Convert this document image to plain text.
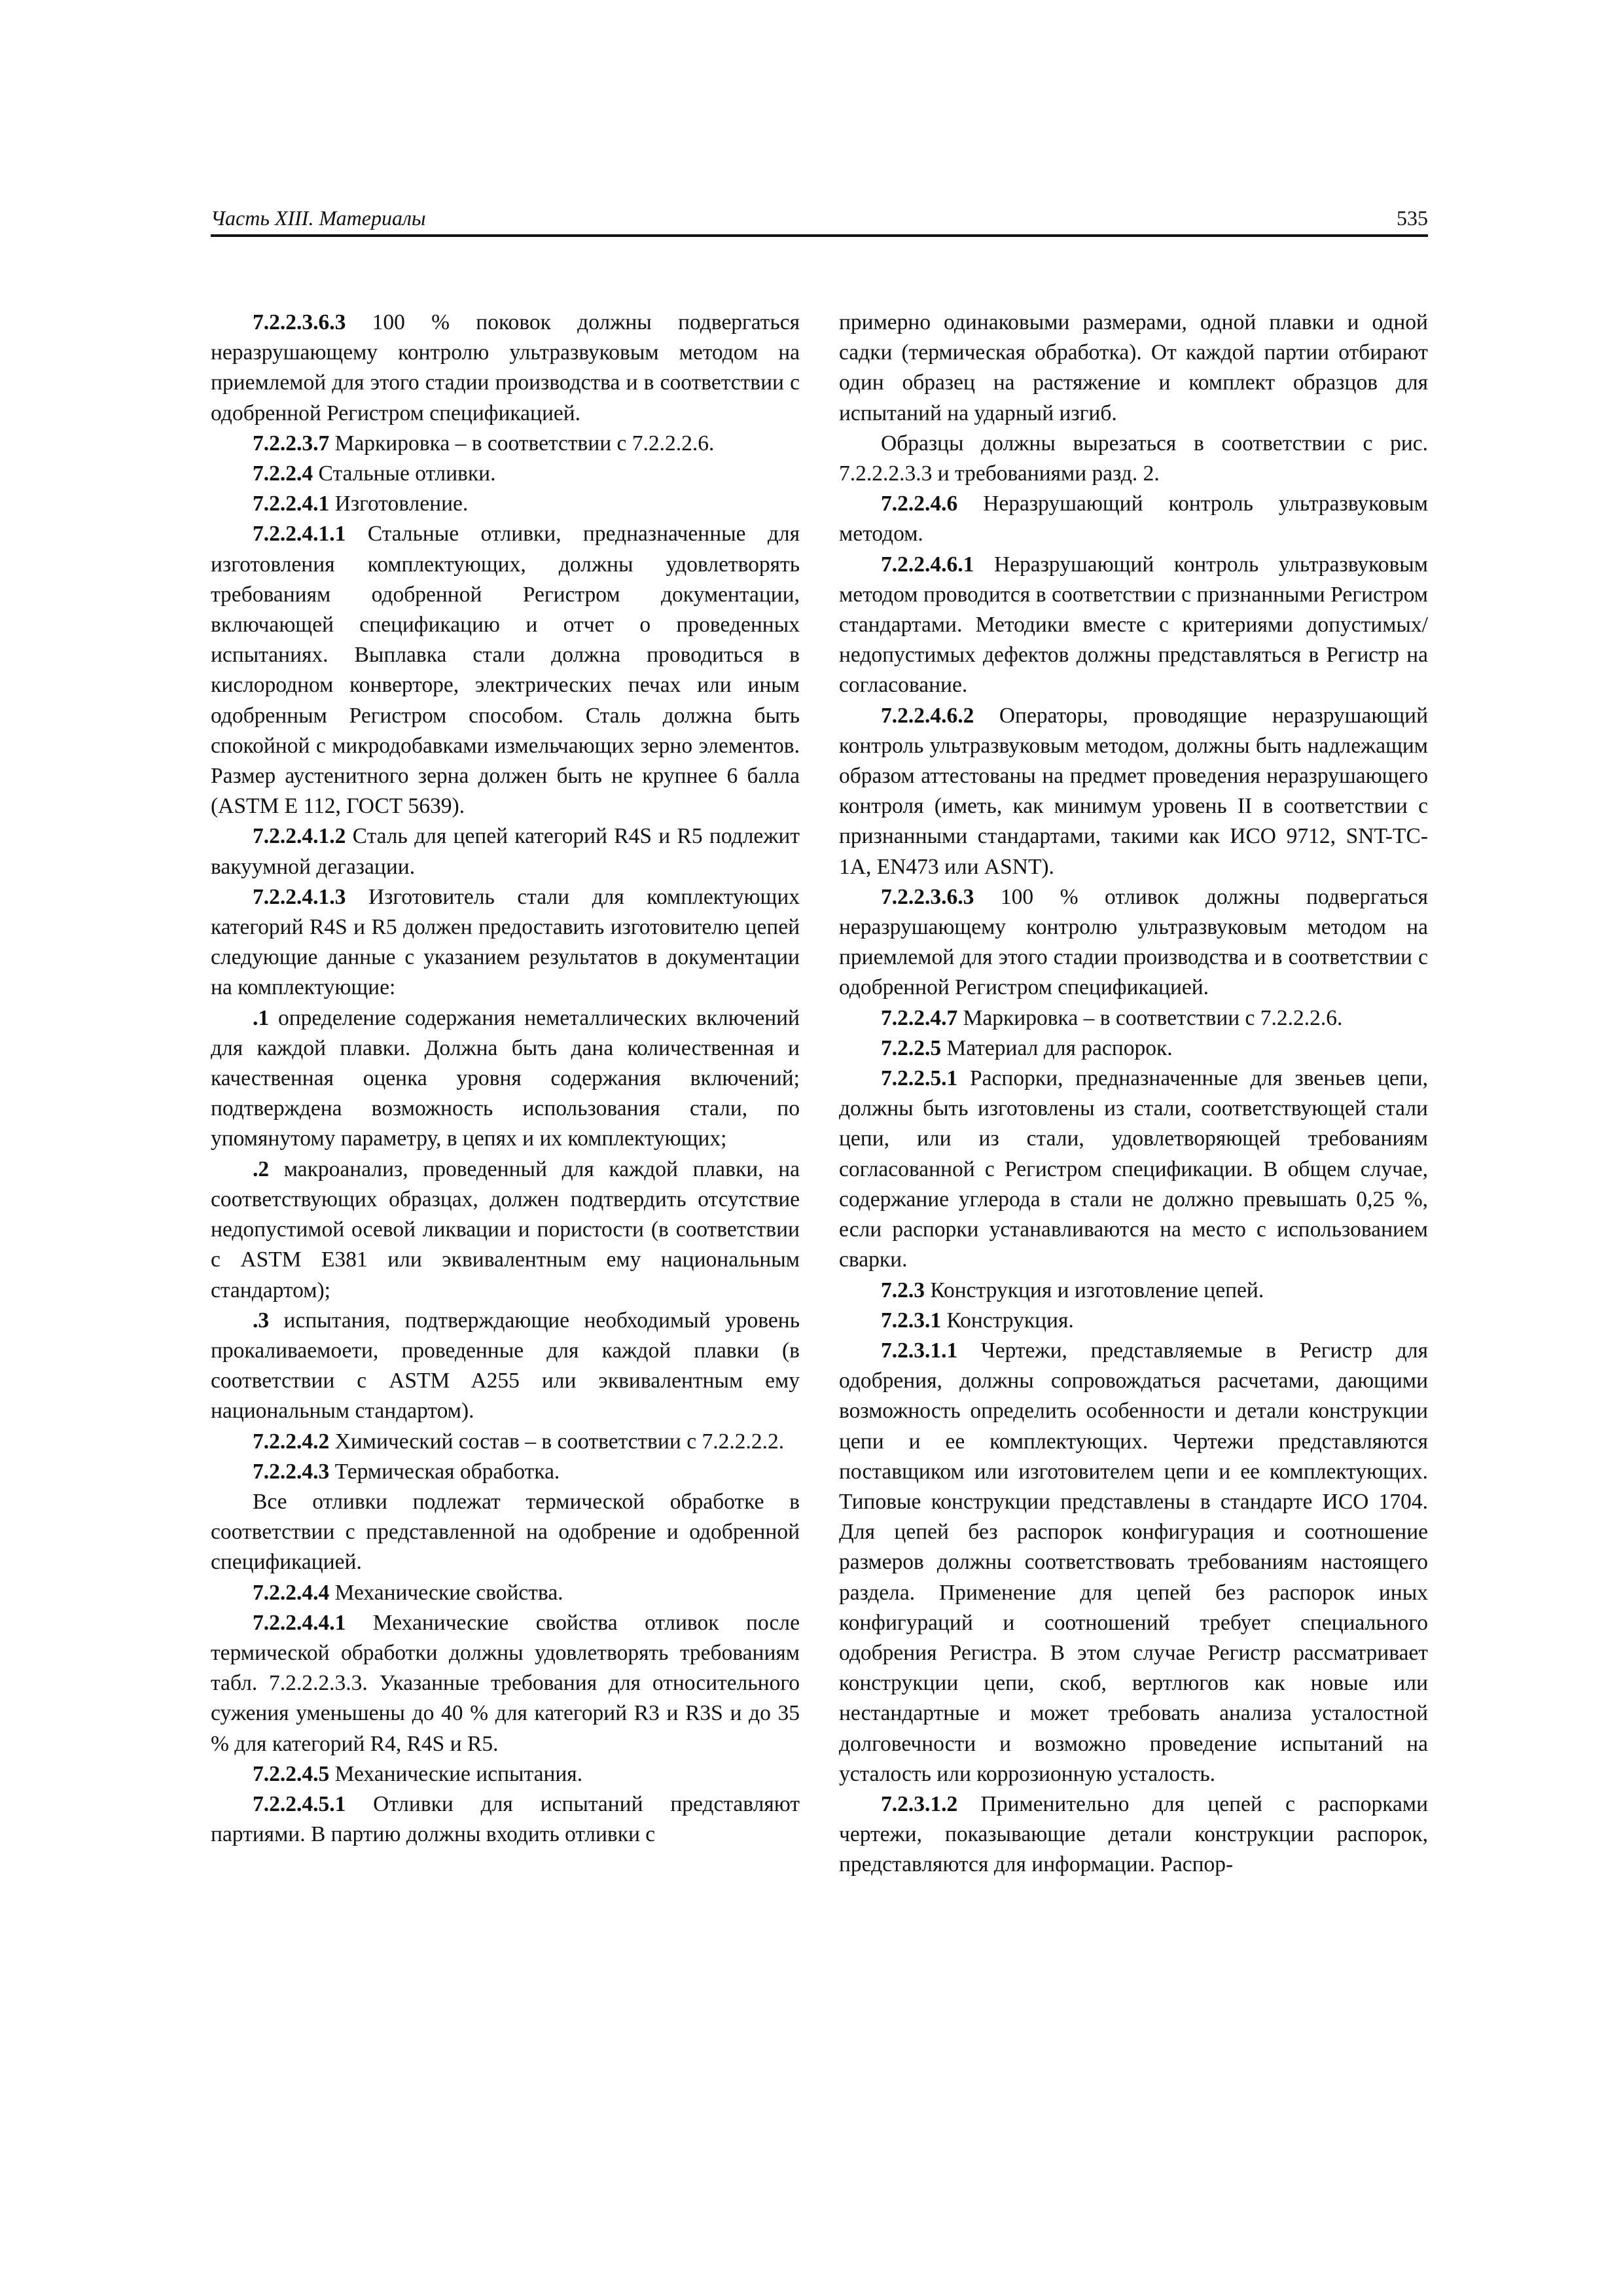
Часть XIII. Материалы	535

7.2.2.3.6.3 100 % поковок должны подвергаться неразрушающему контролю ультразвуковым методом на приемлемой для этого стадии производства и в соответствии с одобренной Регистром спецификацией.

7.2.2.3.7 Маркировка – в соответствии с 7.2.2.2.6.

7.2.2.4 Стальные отливки.

7.2.2.4.1 Изготовление.

7.2.2.4.1.1 Стальные отливки, предназначенные для изготовления комплектующих, должны удовлетворять требованиям одобренной Регистром документации, включающей спецификацию и отчет о проведенных испытаниях. Выплавка стали должна проводиться в кислородном конверторе, электрических печах или иным одобренным Регистром способом. Сталь должна быть спокойной с микродобавками измельчающих зерно элементов. Размер аустенитного зерна должен быть не крупнее 6 балла (ASTM E 112, ГОСТ 5639).

7.2.2.4.1.2 Сталь для цепей категорий R4S и R5 подлежит вакуумной дегазации.

7.2.2.4.1.3 Изготовитель стали для комплектующих категорий R4S и R5 должен предоставить изготовителю цепей следующие данные с указанием результатов в документации на комплектующие:

.1 определение содержания неметаллических включений для каждой плавки. Должна быть дана количественная и качественная оценка уровня содержания включений; подтверждена возможность использования стали, по упомянутому параметру, в цепях и их комплектующих;

.2 макроанализ, проведенный для каждой плавки, на соответствующих образцах, должен подтвердить отсутствие недопустимой осевой ликвации и пористости (в соответствии с ASTM E381 или эквивалентным ему национальным стандартом);

.3 испытания, подтверждающие необходимый уровень прокаливаемоети, проведенные для каждой плавки (в соответствии с ASTM A255 или эквивалентным ему национальным стандартом).

7.2.2.4.2 Химический состав – в соответствии с 7.2.2.2.2.

7.2.2.4.3 Термическая обработка.

Все отливки подлежат термической обработке в соответствии с представленной на одобрение и одобренной спецификацией.

7.2.2.4.4 Механические свойства.

7.2.2.4.4.1 Механические свойства отливок после термической обработки должны удовлетворять требованиям табл. 7.2.2.2.3.3. Указанные требования для относительного сужения уменьшены до 40 % для категорий R3 и R3S и до 35 % для категорий R4, R4S и R5.

7.2.2.4.5 Механические испытания.

7.2.2.4.5.1 Отливки для испытаний представляют партиями. В партию должны входить отливки с

примерно одинаковыми размерами, одной плавки и одной садки (термическая обработка). От каждой партии отбирают один образец на растяжение и комплект образцов для испытаний на ударный изгиб.

Образцы должны вырезаться в соответствии с рис. 7.2.2.2.3.3 и требованиями разд. 2.

7.2.2.4.6 Неразрушающий контроль ультразвуковым методом.

7.2.2.4.6.1 Неразрушающий контроль ультразвуковым методом проводится в соответствии с признанными Регистром стандартами. Методики вместе с критериями допустимых/недопустимых дефектов должны представляться в Регистр на согласование.

7.2.2.4.6.2 Операторы, проводящие неразрушающий контроль ультразвуковым методом, должны быть надлежащим образом аттестованы на предмет проведения неразрушающего контроля (иметь, как минимум уровень II в соответствии с признанными стандартами, такими как ИСО 9712, SNT-TC-1A, EN473 или ASNT).

7.2.2.3.6.3 100 % отливок должны подвергаться неразрушающему контролю ультразвуковым методом на приемлемой для этого стадии производства и в соответствии с одобренной Регистром спецификацией.

7.2.2.4.7 Маркировка – в соответствии с 7.2.2.2.6.

7.2.2.5 Материал для распорок.

7.2.2.5.1 Распорки, предназначенные для звеньев цепи, должны быть изготовлены из стали, соответствующей стали цепи, или из стали, удовлетворяющей требованиям согласованной с Регистром спецификации. В общем случае, содержание углерода в стали не должно превышать 0,25 %, если распорки устанавливаются на место с использованием сварки.

7.2.3 Конструкция и изготовление цепей.

7.2.3.1 Конструкция.

7.2.3.1.1 Чертежи, представляемые в Регистр для одобрения, должны сопровождаться расчетами, дающими возможность определить особенности и детали конструкции цепи и ее комплектующих. Чертежи представляются поставщиком или изготовителем цепи и ее комплектующих. Типовые конструкции представлены в стандарте ИСО 1704. Для цепей без распорок конфигурация и соотношение размеров должны соответствовать требованиям настоящего раздела. Применение для цепей без распорок иных конфигураций и соотношений требует специального одобрения Регистра. В этом случае Регистр рассматривает конструкции цепи, скоб, вертлюгов как новые или нестандартные и может требовать анализа усталостной долговечности и возможно проведение испытаний на усталость или коррозионную усталость.

7.2.3.1.2 Применительно для цепей с распорками чертежи, показывающие детали конструкции распорок, представляются для информации. Распор-
